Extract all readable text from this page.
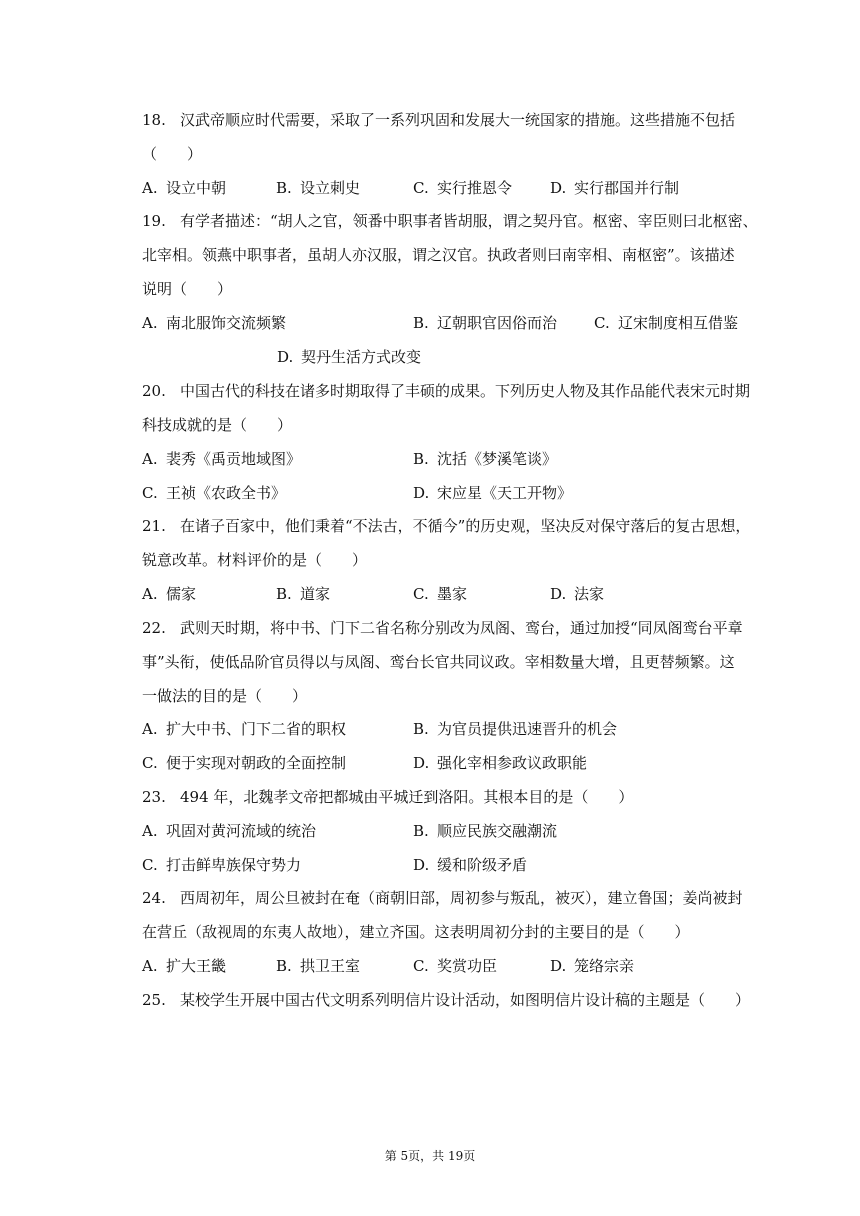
18. 汉武帝顺应时代需要，采取了一系列巩固和发展大一统国家的措施。这些措施不包括
（　　）
A. 设立中朝	B. 设立刺史	C. 实行推恩令	D. 实行郡国并行制
19. 有学者描述：“胡人之官，领番中职事者皆胡服，谓之契丹官。枢密、宰臣则曰北枢密、
北宰相。领燕中职事者，虽胡人亦汉服，谓之汉官。执政者则曰南宰相、南枢密”。该描述
说明（　　）
A. 南北服饰交流频繁	B. 辽朝职官因俗而治 C. 辽宋制度相互借鉴
D. 契丹生活方式改变
20. 中国古代的科技在诸多时期取得了丰硕的成果。下列历史人物及其作品能代表宋元时期
科技成就的是（　　）
A. 裴秀《禹贡地域图》	B. 沈括《梦溪笔谈》
C. 王祯《农政全书》	D. 宋应星《天工开物》
21. 在诸子百家中，他们秉着“不法古，不循今”的历史观，坚决反对保守落后的复古思想，
锐意改革。材料评价的是（　　）
A. 儒家	B. 道家	C. 墨家	D. 法家
22. 武则天时期，将中书、门下二省名称分别改为凤阁、鸾台，通过加授“同凤阁鸾台平章
事”头衔，使低品阶官员得以与凤阁、鸾台长官共同议政。宰相数量大增，且更替频繁。这
一做法的目的是（　　）
A. 扩大中书、门下二省的职权	B. 为官员提供迅速晋升的机会
C. 便于实现对朝政的全面控制	D. 强化宰相参政议政职能
23. 494 年，北魏孝文帝把都城由平城迁到洛阳。其根本目的是（　　）
A. 巩固对黄河流域的统治	B. 顺应民族交融潮流
C. 打击鲜卑族保守势力	D. 缓和阶级矛盾
24. 西周初年，周公旦被封在奄（商朝旧部，周初参与叛乱，被灭），建立鲁国；姜尚被封
在营丘（敌视周的东夷人故地），建立齐国。这表明周初分封的主要目的是（　　）
A. 扩大王畿	B. 拱卫王室	C. 奖赏功臣	D. 笼络宗亲
25. 某校学生开展中国古代文明系列明信片设计活动，如图明信片设计稿的主题是（　　）
第 5页，共 19页
